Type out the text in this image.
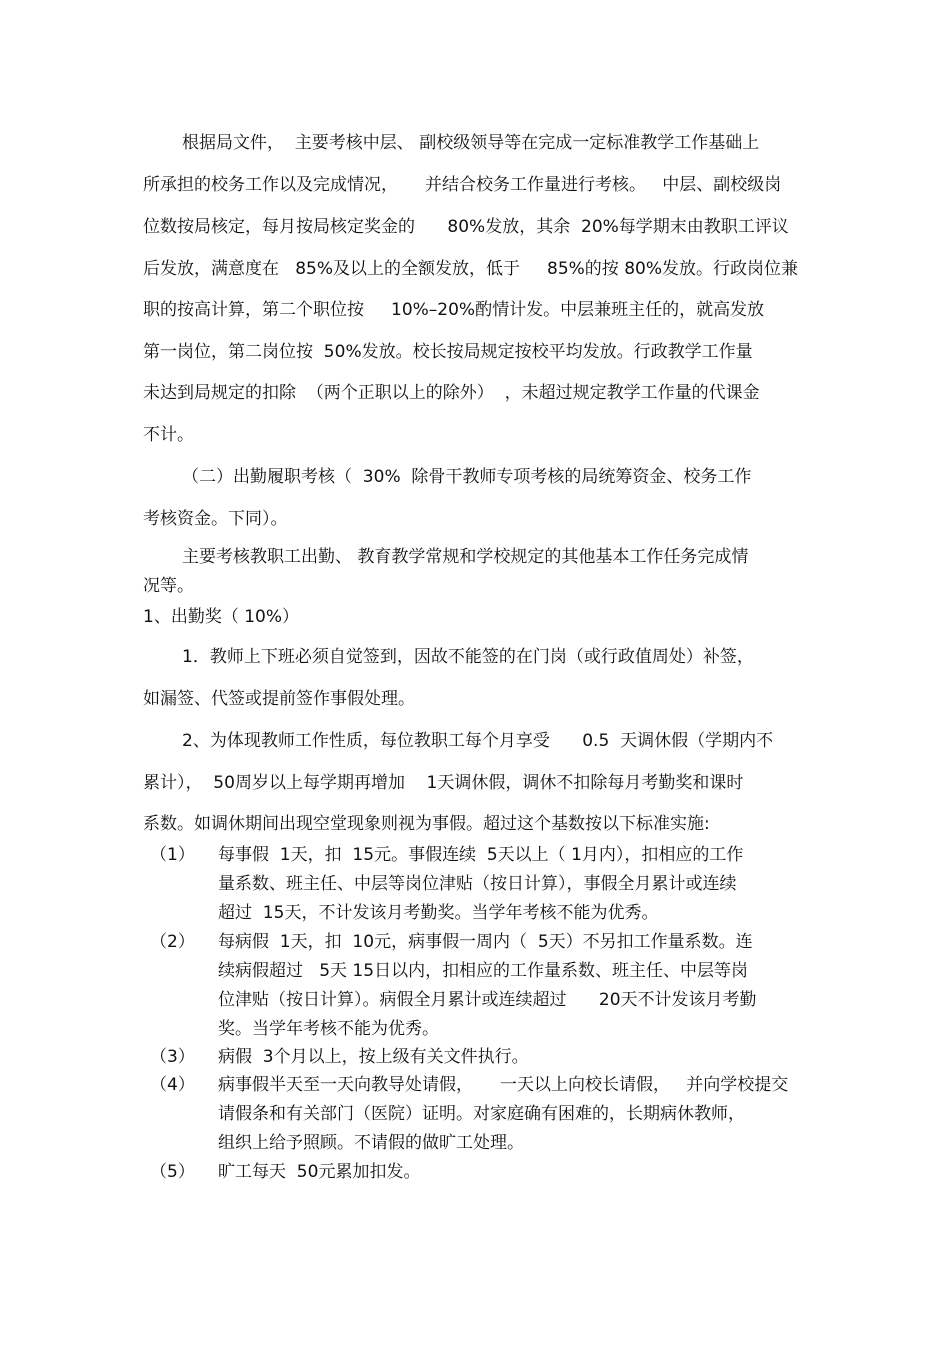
根据局文件，  主要考核中层、 副校级领导等在完成一定标准教学工作基础上

所承担的校务工作以及完成情况，     并结合校务工作量进行考核。   中层、副校级岗

位数按局核定，每月按局核定奖金的      80%发放，其余  20%每学期末由教职工评议

后发放，满意度在   85%及以上的全额发放，低于     85%的按 80%发放。行政岗位兼

职的按高计算，第二个职位按     10%–20%酌情计发。中层兼班主任的，就高发放

第一岗位，第二岗位按  50%发放。校长按局规定按校平均发放。行政教学工作量

未达到局规定的扣除  （两个正职以上的除外）  ，未超过规定教学工作量的代课金

不计。

（二）出勤履职考核（  30%  除骨干教师专项考核的局统筹资金、校务工作

考核资金。下同）。

主要考核教职工出勤、 教育教学常规和学校规定的其他基本工作任务完成情

况等。

1、出勤奖（ 10%）

1．教师上下班必须自觉签到，因故不能签的在门岗（或行政值周处）补签，

如漏签、代签或提前签作事假处理。

2、为体现教师工作性质，每位教职工每个月享受      0.5  天调休假（学期内不

累计），  50周岁以上每学期再增加    1天调休假，调休不扣除每月考勤奖和课时

系数。如调休期间出现空堂现象则视为事假。超过这个基数按以下标准实施:

（1） 每事假  1天，扣  15元。事假连续  5天以上（ 1月内），扣相应的工作

量系数、班主任、中层等岗位津贴（按日计算），事假全月累计或连续

超过  15天，不计发该月考勤奖。当学年考核不能为优秀。

（2） 每病假  1天，扣  10元，病事假一周内（  5天）不另扣工作量系数。连

续病假超过   5天 15日以内，扣相应的工作量系数、班主任、中层等岗

位津贴（按日计算）。病假全月累计或连续超过      20天不计发该月考勤

奖。当学年考核不能为优秀。

（3） 病假  3个月以上，按上级有关文件执行。

（4） 病事假半天至一天向教导处请假，     一天以上向校长请假，   并向学校提交

请假条和有关部门（医院）证明。对家庭确有困难的，长期病休教师，

组织上给予照顾。不请假的做旷工处理。

（5） 旷工每天  50元累加扣发。
